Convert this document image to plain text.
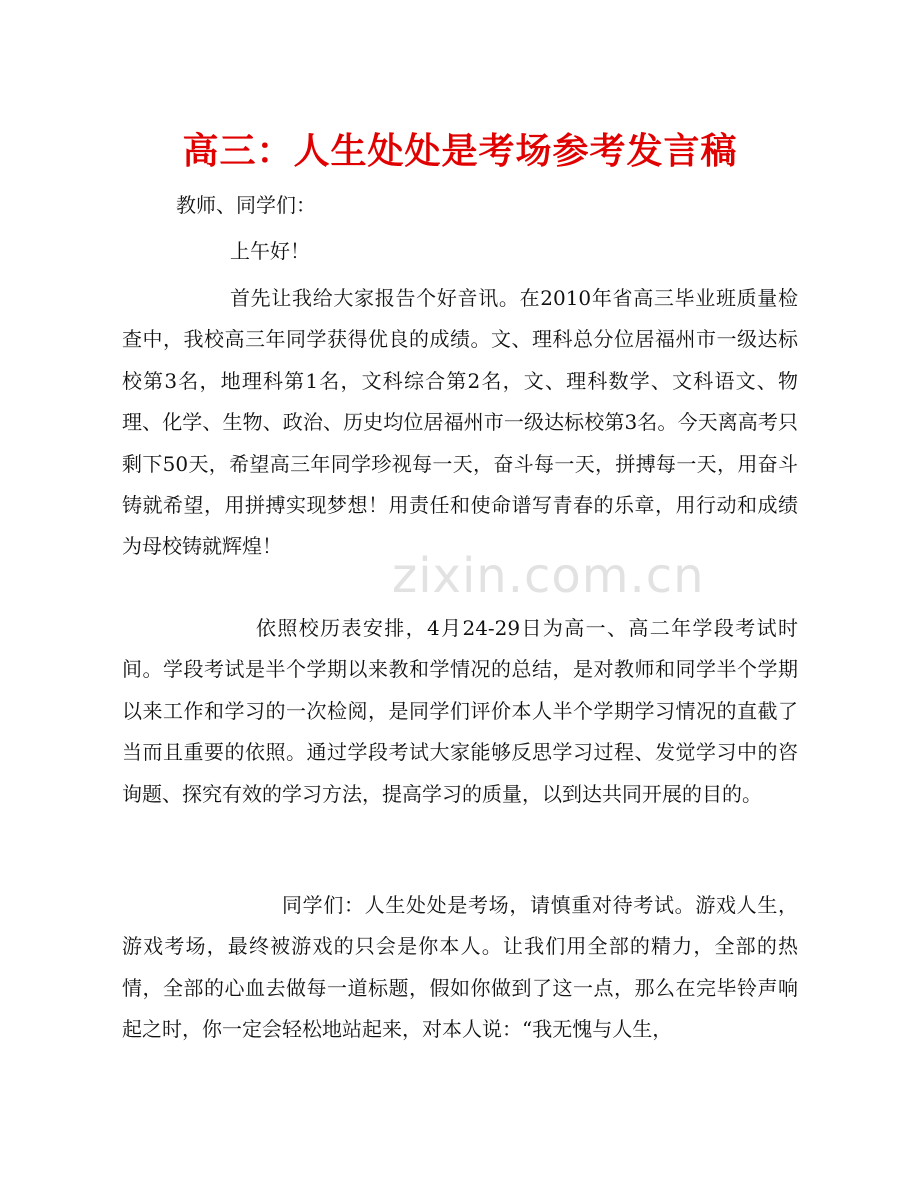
高三：人生处处是考场参考发言稿
教师、同学们：
上午好！

首先让我给大家报告个好音讯。在2010年省高三毕业班质量检查中，我校高三年同学获得优良的成绩。文、理科总分位居福州市一级达标校第3名，地理科第1名，文科综合第2名，文、理科数学、文科语文、物理、化学、生物、政治、历史均位居福州市一级达标校第3名。今天离高考只剩下50天，希望高三年同学珍视每一天，奋斗每一天，拼搏每一天，用奋斗铸就希望，用拼搏实现梦想！用责任和使命谱写青春的乐章，用行动和成绩为母校铸就辉煌！

依照校历表安排，4月24-29日为高一、高二年学段考试时间。学段考试是半个学期以来教和学情况的总结，是对教师和同学半个学期以来工作和学习的一次检阅，是同学们评价本人半个学期学习情况的直截了当而且重要的依照。通过学段考试大家能够反思学习过程、发觉学习中的咨询题、探究有效的学习方法，提高学习的质量，以到达共同开展的目的。

同学们：人生处处是考场，请慎重对待考试。游戏人生，游戏考场，最终被游戏的只会是你本人。让我们用全部的精力，全部的热情，全部的心血去做每一道标题，假如你做到了这一点，那么在完毕铃声响起之时，你一定会轻松地站起来，对本人说：“我无愧与人生，

zixin.com.cn
